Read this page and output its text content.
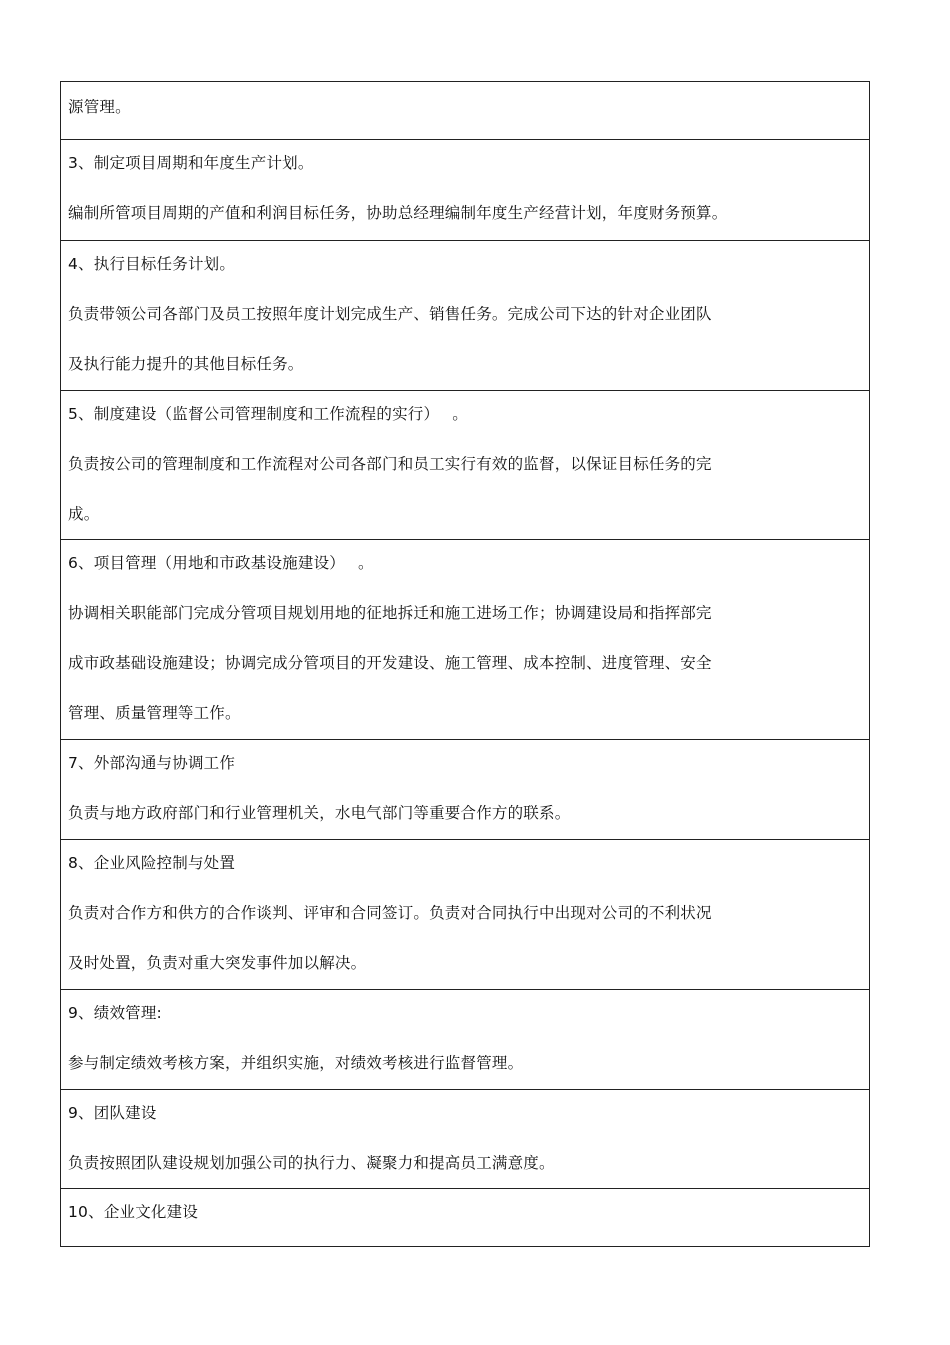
源管理。
3、制定项目周期和年度生产计划。
编制所管项目周期的产值和利润目标任务，协助总经理编制年度生产经营计划，年度财务预算。
4、执行目标任务计划。
负责带领公司各部门及员工按照年度计划完成生产、销售任务。完成公司下达的针对企业团队
及执行能力提升的其他目标任务。
5、制度建设（监督公司管理制度和工作流程的实行）　 。
负责按公司的管理制度和工作流程对公司各部门和员工实行有效的监督，以保证目标任务的完
成。
6、项目管理（用地和市政基设施建设）　 。
协调相关职能部门完成分管项目规划用地的征地拆迁和施工进场工作；协调建设局和指挥部完
成市政基础设施建设；协调完成分管项目的开发建设、施工管理、成本控制、进度管理、安全
管理、质量管理等工作。
7、外部沟通与协调工作
负责与地方政府部门和行业管理机关，水电气部门等重要合作方的联系。
8、企业风险控制与处置
负责对合作方和供方的合作谈判、评审和合同签订。负责对合同执行中出现对公司的不利状况
及时处置，负责对重大突发事件加以解决。
9、绩效管理:
参与制定绩效考核方案，并组织实施，对绩效考核进行监督管理。
9、团队建设
负责按照团队建设规划加强公司的执行力、凝聚力和提高员工满意度。
10、企业文化建设
